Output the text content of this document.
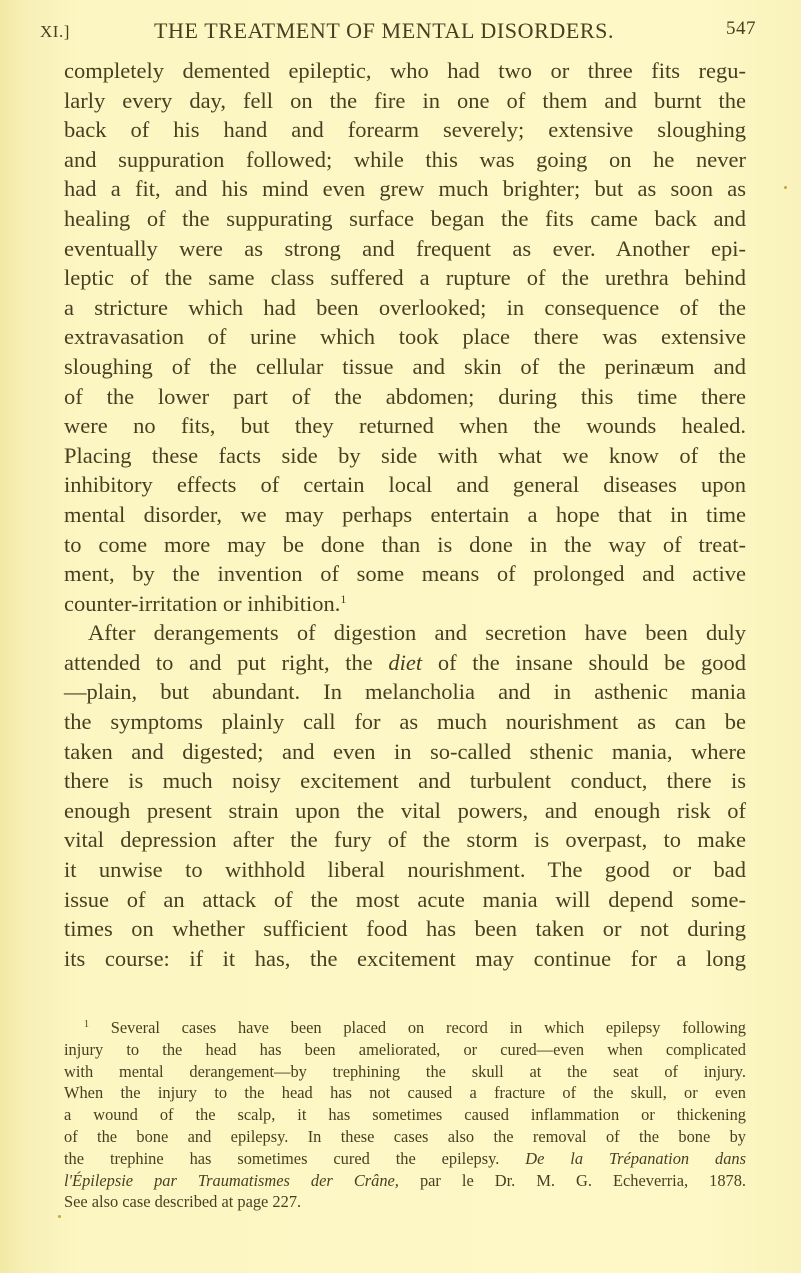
XI.]	THE TREATMENT OF MENTAL DISORDERS.	547
completely demented epileptic, who had two or three fits regu-
larly every day, fell on the fire in one of them and burnt the
back of his hand and forearm severely; extensive sloughing
and suppuration followed; while this was going on he never
had a fit, and his mind even grew much brighter; but as soon as
healing of the suppurating surface began the fits came back and
eventually were as strong and frequent as ever. Another epi-
leptic of the same class suffered a rupture of the urethra behind
a stricture which had been overlooked; in consequence of the
extravasation of urine which took place there was extensive
sloughing of the cellular tissue and skin of the perinæum and
of the lower part of the abdomen; during this time there
were no fits, but they returned when the wounds healed.
Placing these facts side by side with what we know of the
inhibitory effects of certain local and general diseases upon
mental disorder, we may perhaps entertain a hope that in time
to come more may be done than is done in the way of treat-
ment, by the invention of some means of prolonged and active
counter-irritation or inhibition.$^1$
After derangements of digestion and secretion have been duly
attended to and put right, the diet of the insane should be good
—plain, but abundant. In melancholia and in asthenic mania
the symptoms plainly call for as much nourishment as can be
taken and digested; and even in so-called sthenic mania, where
there is much noisy excitement and turbulent conduct, there is
enough present strain upon the vital powers, and enough risk of
vital depression after the fury of the storm is overpast, to make
it unwise to withhold liberal nourishment. The good or bad
issue of an attack of the most acute mania will depend some-
times on whether sufficient food has been taken or not during
its course: if it has, the excitement may continue for a long
$^1$ Several cases have been placed on record in which epilepsy following
injury to the head has been ameliorated, or cured—even when complicated
with mental derangement—by trephining the skull at the seat of injury.
When the injury to the head has not caused a fracture of the skull, or even
a wound of the scalp, it has sometimes caused inflammation or thickening
of the bone and epilepsy. In these cases also the removal of the bone by
the trephine has sometimes cured the epilepsy. De la Trépanation dans
l'Épilepsie par Traumatismes der Crâne, par le Dr. M. G. Echeverria, 1878.
See also case described at page 227.
